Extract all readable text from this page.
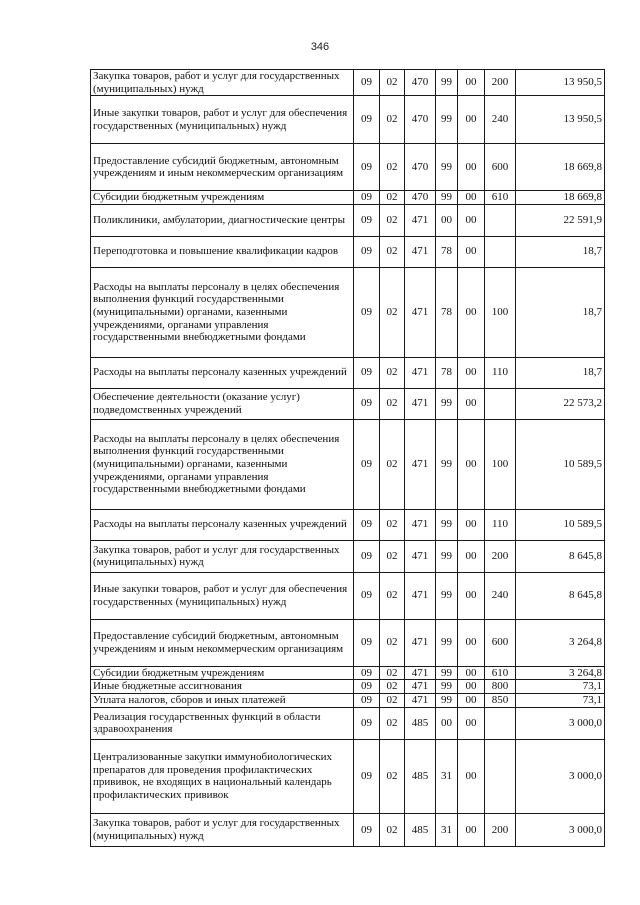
346
Закупка товаров, работ и услуг для государственных (муниципальных) нужд	09	02	470	99	00	200	13 950,5
Иные закупки товаров, работ и услуг для обеспечения государственных (муниципальных) нужд	09	02	470	99	00	240	13 950,5
Предоставление субсидий бюджетным, автономным учреждениям и иным некоммерческим организациям	09	02	470	99	00	600	18 669,8
Субсидии бюджетным учреждениям	09	02	470	99	00	610	18 669,8
Поликлиники, амбулатории, диагностические центры	09	02	471	00	00		22 591,9
Переподготовка и повышение квалификации кадров	09	02	471	78	00		18,7
Расходы на выплаты персоналу в целях обеспечения выполнения функций государственными (муниципальными) органами, казенными учреждениями, органами управления государственными внебюджетными фондами	09	02	471	78	00	100	18,7
Расходы на выплаты персоналу казенных учреждений	09	02	471	78	00	110	18,7
Обеспечение деятельности (оказание услуг) подведомственных учреждений	09	02	471	99	00		22 573,2
Расходы на выплаты персоналу в целях обеспечения выполнения функций государственными (муниципальными) органами, казенными учреждениями, органами управления государственными внебюджетными фондами	09	02	471	99	00	100	10 589,5
Расходы на выплаты персоналу казенных учреждений	09	02	471	99	00	110	10 589,5
Закупка товаров, работ и услуг для государственных (муниципальных) нужд	09	02	471	99	00	200	8 645,8
Иные закупки товаров, работ и услуг для обеспечения государственных (муниципальных) нужд	09	02	471	99	00	240	8 645,8
Предоставление субсидий бюджетным, автономным учреждениям и иным некоммерческим организациям	09	02	471	99	00	600	3 264,8
Субсидии бюджетным учреждениям	09	02	471	99	00	610	3 264,8
Иные бюджетные ассигнования	09	02	471	99	00	800	73,1
Уплата налогов, сборов и иных платежей	09	02	471	99	00	850	73,1
Реализация государственных функций в области здравоохранения	09	02	485	00	00		3 000,0
Централизованные закупки иммунобиологических препаратов для проведения профилактических прививок, не входящих в национальный календарь профилактических прививок	09	02	485	31	00		3 000,0
Закупка товаров, работ и услуг для государственных (муниципальных) нужд	09	02	485	31	00	200	3 000,0
